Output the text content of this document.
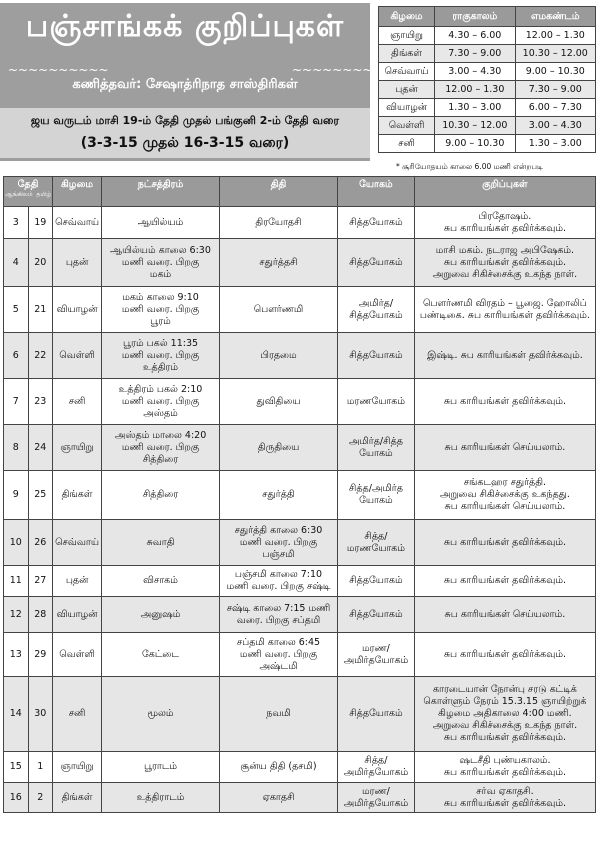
பஞ்சாங்கக் குறிப்புகள்
~~~~~~~~~~	~~~~~~~~~~
கணித்தவர்: சேஷாத்ரிநாத சாஸ்திரிகள்
ஜய வருடம் மாசி 19-ம் தேதி முதல் பங்குனி 2-ம் தேதி வரை
(3-3-15 முதல் 16-3-15 வரை)
கிழமை	ராகுகாலம்	எமகண்டம்
ஞாயிறு	4.30 – 6.00	12.00 – 1.30
திங்கள்	7.30 – 9.00	10.30 – 12.00
செவ்வாய்	3.00 – 4.30	9.00 – 10.30
புதன்	12.00 – 1.30	7.30 – 9.00
வியாழன்	1.30 – 3.00	6.00 – 7.30
வெள்ளி	10.30 – 12.00	3.00 – 4.30
சனி	9.00 – 10.30	1.30 – 3.00
* சூரியோதயம் காலை 6.00 மணி என்றபடி
தேதி
ஆங்கிலம் தமிழ்		கிழமை	நட்சத்திரம்	திதி	யோகம்	குறிப்புகள்
3	19	செவ்வாய்	ஆயில்யம்	திரயோதசி	சித்தயோகம்	பிரதோஷம்.
சுப காரியங்கள் தவிர்க்கவும்.
4	20	புதன்	ஆயில்யம் காலை 6:30
மணி வரை. பிறகு
மகம்	சதுர்த்தசி	சித்தயோகம்	மாசி மகம். நடராஜ அபிஷேகம்.
சுப காரியங்கள் தவிர்க்கவும்.
அறுவை சிகிச்சைக்கு உகந்த நாள்.
5	21	வியாழன்	மகம் காலை 9:10
மணி வரை. பிறகு
பூரம்	பௌர்ணமி	அமிர்த/
சித்தயோகம்	பௌர்ணமி விரதம் – பூஜை. ஹோலிப்
பண்டிகை. சுப காரியங்கள் தவிர்க்கவும்.
6	22	வெள்ளி	பூரம் பகல் 11:35
மணி வரை. பிறகு
உத்திரம்	பிரதமை	சித்தயோகம்	இஷ்டி. சுப காரியங்கள் தவிர்க்கவும்.
7	23	சனி	உத்திரம் பகல் 2:10
மணி வரை. பிறகு
அஸ்தம்	துவிதியை	மரணயோகம்	சுப காரியங்கள் தவிர்க்கவும்.
8	24	ஞாயிறு	அஸ்தம் மாலை 4:20
மணி வரை. பிறகு
சித்திரை	திருதியை	அமிர்த/சித்த
யோகம்	சுப காரியங்கள் செய்யலாம்.
9	25	திங்கள்	சித்திரை	சதுர்த்தி	சித்த/அமிர்த
யோகம்	சங்கடஹர சதுர்த்தி.
அறுவை சிகிச்சைக்கு உகந்தது.
சுப காரியங்கள் செய்யலாம்.
10	26	செவ்வாய்	சுவாதி	சதுர்த்தி காலை 6:30
மணி வரை. பிறகு
பஞ்சமி	சித்த/
மரணயோகம்	சுப காரியங்கள் தவிர்க்கவும்.
11	27	புதன்	விசாகம்	பஞ்சமி காலை 7:10
மணி வரை. பிறகு சஷ்டி	சித்தயோகம்	சுப காரியங்கள் தவிர்க்கவும்.
12	28	வியாழன்	அனுஷம்	சஷ்டி காலை 7:15 மணி
வரை. பிறகு சப்தமி	சித்தயோகம்	சுப காரியங்கள் செய்யலாம்.
13	29	வெள்ளி	கேட்டை	சப்தமி காலை 6:45
மணி வரை. பிறகு
அஷ்டமி	மரண/
அமிர்தயோகம்	சுப காரியங்கள் தவிர்க்கவும்.
14	30	சனி	மூலம்	நவமி	சித்தயோகம்	காரடையான் நோன்பு சரடு கட்டிக்
கொள்ளும் நேரம் 15.3.15 ஞாயிற்றுக்
கிழமை அதிகாலை 4:00 மணி.
அறுவை சிகிச்சைக்கு உகந்த நாள்.
சுப காரியங்கள் தவிர்க்கவும்.
15	1	ஞாயிறு	பூராடம்	சூன்ய திதி (தசமி)	சித்த/
அமிர்தயோகம்	ஷடசீதி புண்யகாலம்.
சுப காரியங்கள் தவிர்க்கவும்.
16	2	திங்கள்	உத்திராடம்	ஏகாதசி	மரண/
அமிர்தயோகம்	சர்வ ஏகாதசி.
சுப காரியங்கள் தவிர்க்கவும்.
